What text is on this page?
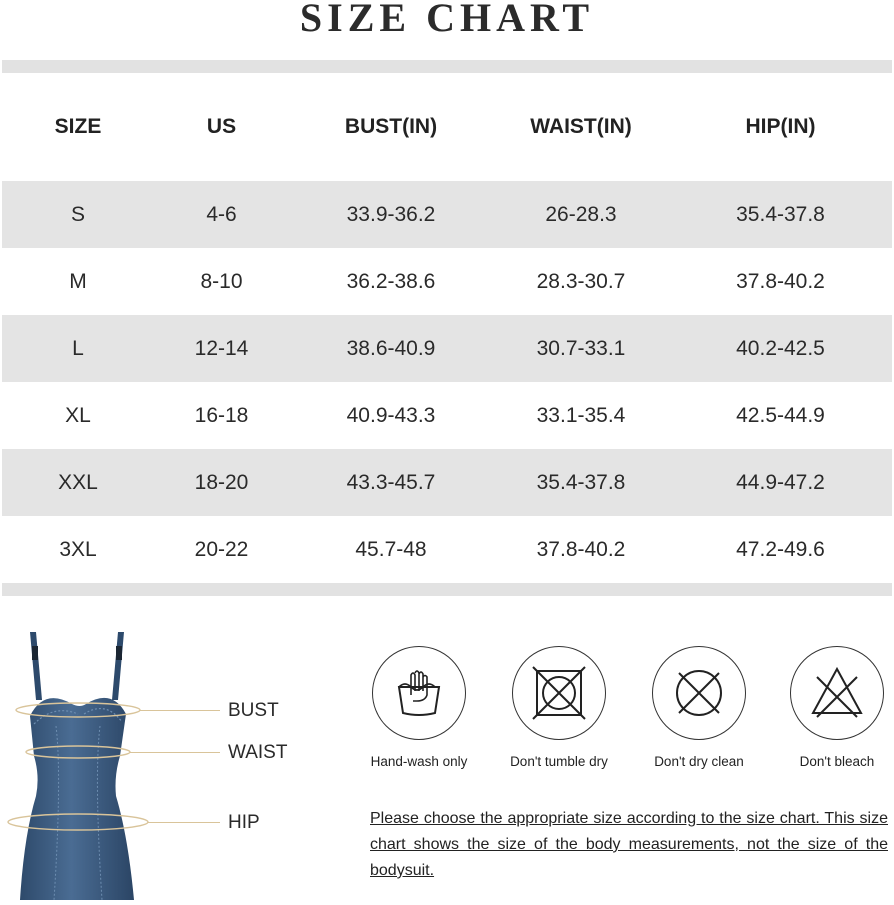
SIZE CHART
SIZE	US	BUST(IN)	WAIST(IN)	HIP(IN)
S	4-6	33.9-36.2	26-28.3	35.4-37.8
M	8-10	36.2-38.6	28.3-30.7	37.8-40.2
L	12-14	38.6-40.9	30.7-33.1	40.2-42.5
XL	16-18	40.9-43.3	33.1-35.4	42.5-44.9
XXL	18-20	43.3-45.7	35.4-37.8	44.9-47.2
3XL	20-22	45.7-48	37.8-40.2	47.2-49.6
BUST
WAIST
HIP
Hand-wash only	Don't tumble dry	Don't dry clean	Don't bleach
Please choose the appropriate size according to the size chart. This size chart shows the size of the body measurements, not the size of the bodysuit.
